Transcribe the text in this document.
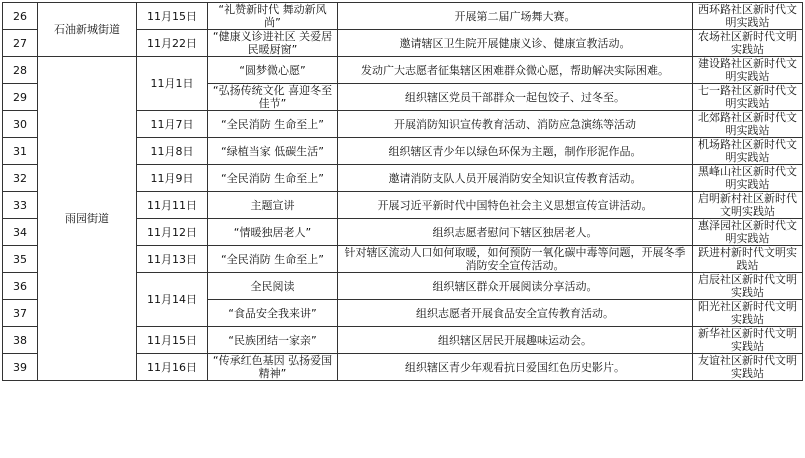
26	石油新城街道	11月15日	“礼赞新时代 舞动新风尚”	开展第二届广场舞大赛。	西环路社区新时代文明实践站
27		11月22日	“健康义诊进社区 关爱居民暖厨窗”	邀请辖区卫生院开展健康义诊、健康宣教活动。	农场社区新时代文明实践站
28	雨园街道	11月1日	“圆梦微心愿”	发动广大志愿者征集辖区困难群众微心愿，帮助解决实际困难。	建设路社区新时代文明实践站
29			“弘扬传统文化 喜迎冬至佳节”	组织辖区党员干部群众一起包饺子、过冬至。	七一路社区新时代文明实践站
30		11月7日	“全民消防 生命至上”	开展消防知识宣传教育活动、消防应急演练等活动	北郊路社区新时代文明实践站
31		11月8日	“绿植当家 低碳生活”	组织辖区青少年以绿色环保为主题，制作形泥作品。	机场路社区新时代文明实践站
32		11月9日	“全民消防 生命至上”	邀请消防支队人员开展消防安全知识宣传教育活动。	黑峰山社区新时代文明实践站
33		11月11日	主题宣讲	开展习近平新时代中国特色社会主义思想宣传宣讲活动。	启明新村社区新时代文明实践站
34		11月12日	“情暖独居老人”	组织志愿者慰问下辖区独居老人。	惠泽园社区新时代文明实践站
35		11月13日	“全民消防 生命至上”	针对辖区流动人口如何取暖，如何预防一氧化碳中毒等问题，开展冬季消防安全宣传活动。	跃进村新时代文明实践站
36		11月14日	全民阅读	组织辖区群众开展阅读分享活动。	启辰社区新时代文明实践站
37			“食品安全我来讲”	组织志愿者开展食品安全宣传教育活动。	阳光社区新时代文明实践站
38		11月15日	“民族团结一家亲”	组织辖区居民开展趣味运动会。	新华社区新时代文明实践站
39		11月16日	“传承红色基因 弘扬爱国精神”	组织辖区青少年观看抗日爱国红色历史影片。	友谊社区新时代文明实践站
